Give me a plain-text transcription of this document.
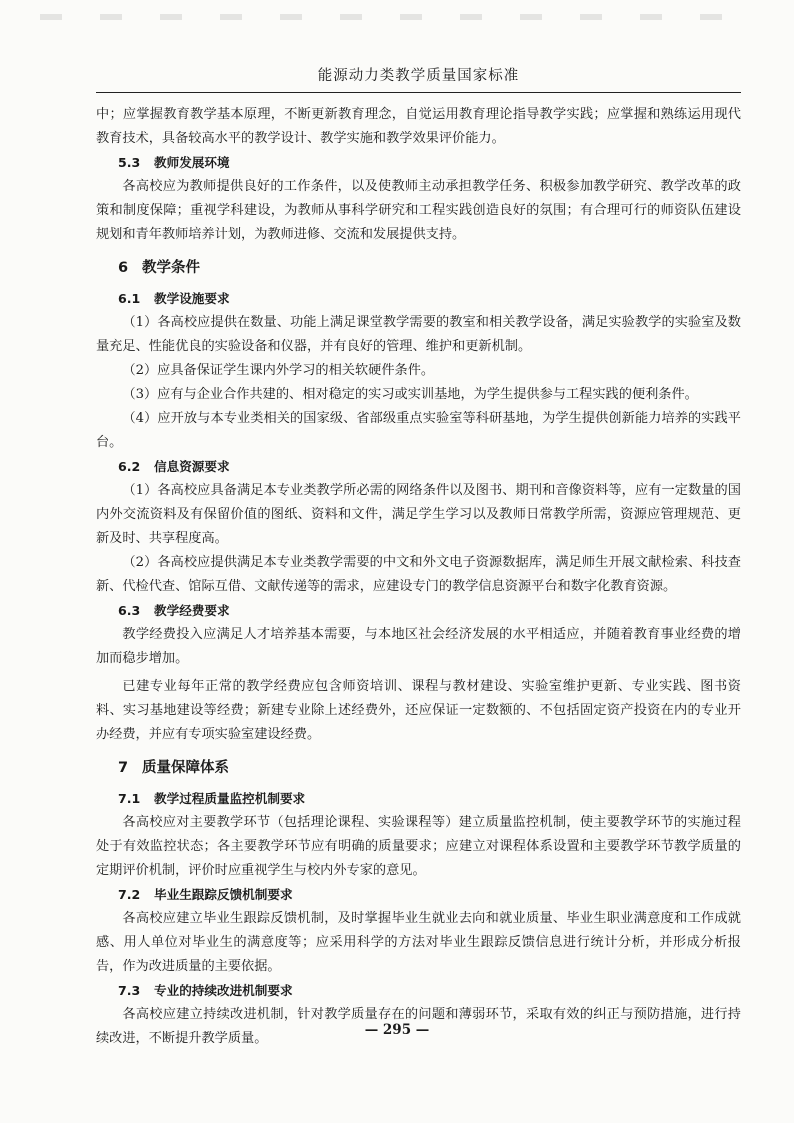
能源动力类教学质量国家标准

中；应掌握教育教学基本原理，不断更新教育理念，自觉运用教育理论指导教学实践；应掌握和熟练运用现代教育技术，具备较高水平的教学设计、教学实施和教学效果评价能力。

5.3 教师发展环境

各高校应为教师提供良好的工作条件，以及使教师主动承担教学任务、积极参加教学研究、教学改革的政策和制度保障；重视学科建设，为教师从事科学研究和工程实践创造良好的氛围；有合理可行的师资队伍建设规划和青年教师培养计划，为教师进修、交流和发展提供支持。

6 教学条件
6.1 教学设施要求

（1）各高校应提供在数量、功能上满足课堂教学需要的教室和相关教学设备，满足实验教学的实验室及数量充足、性能优良的实验设备和仪器，并有良好的管理、维护和更新机制。

（2）应具备保证学生课内外学习的相关软硬件条件。

（3）应有与企业合作共建的、相对稳定的实习或实训基地，为学生提供参与工程实践的便利条件。

（4）应开放与本专业类相关的国家级、省部级重点实验室等科研基地，为学生提供创新能力培养的实践平台。

6.2 信息资源要求

（1）各高校应具备满足本专业类教学所必需的网络条件以及图书、期刊和音像资料等，应有一定数量的国内外交流资料及有保留价值的图纸、资料和文件，满足学生学习以及教师日常教学所需，资源应管理规范、更新及时、共享程度高。

（2）各高校应提供满足本专业类教学需要的中文和外文电子资源数据库，满足师生开展文献检索、科技查新、代检代查、馆际互借、文献传递等的需求，应建设专门的教学信息资源平台和数字化教育资源。

6.3 教学经费要求

教学经费投入应满足人才培养基本需要，与本地区社会经济发展的水平相适应，并随着教育事业经费的增加而稳步增加。

已建专业每年正常的教学经费应包含师资培训、课程与教材建设、实验室维护更新、专业实践、图书资料、实习基地建设等经费；新建专业除上述经费外，还应保证一定数额的、不包括固定资产投资在内的专业开办经费，并应有专项实验室建设经费。

7 质量保障体系
7.1 教学过程质量监控机制要求

各高校应对主要教学环节（包括理论课程、实验课程等）建立质量监控机制，使主要教学环节的实施过程处于有效监控状态；各主要教学环节应有明确的质量要求；应建立对课程体系设置和主要教学环节教学质量的定期评价机制，评价时应重视学生与校内外专家的意见。

7.2 毕业生跟踪反馈机制要求

各高校应建立毕业生跟踪反馈机制，及时掌握毕业生就业去向和就业质量、毕业生职业满意度和工作成就感、用人单位对毕业生的满意度等；应采用科学的方法对毕业生跟踪反馈信息进行统计分析，并形成分析报告，作为改进质量的主要依据。

7.3 专业的持续改进机制要求

各高校应建立持续改进机制，针对教学质量存在的问题和薄弱环节，采取有效的纠正与预防措施，进行持续改进，不断提升教学质量。

— 295 —
